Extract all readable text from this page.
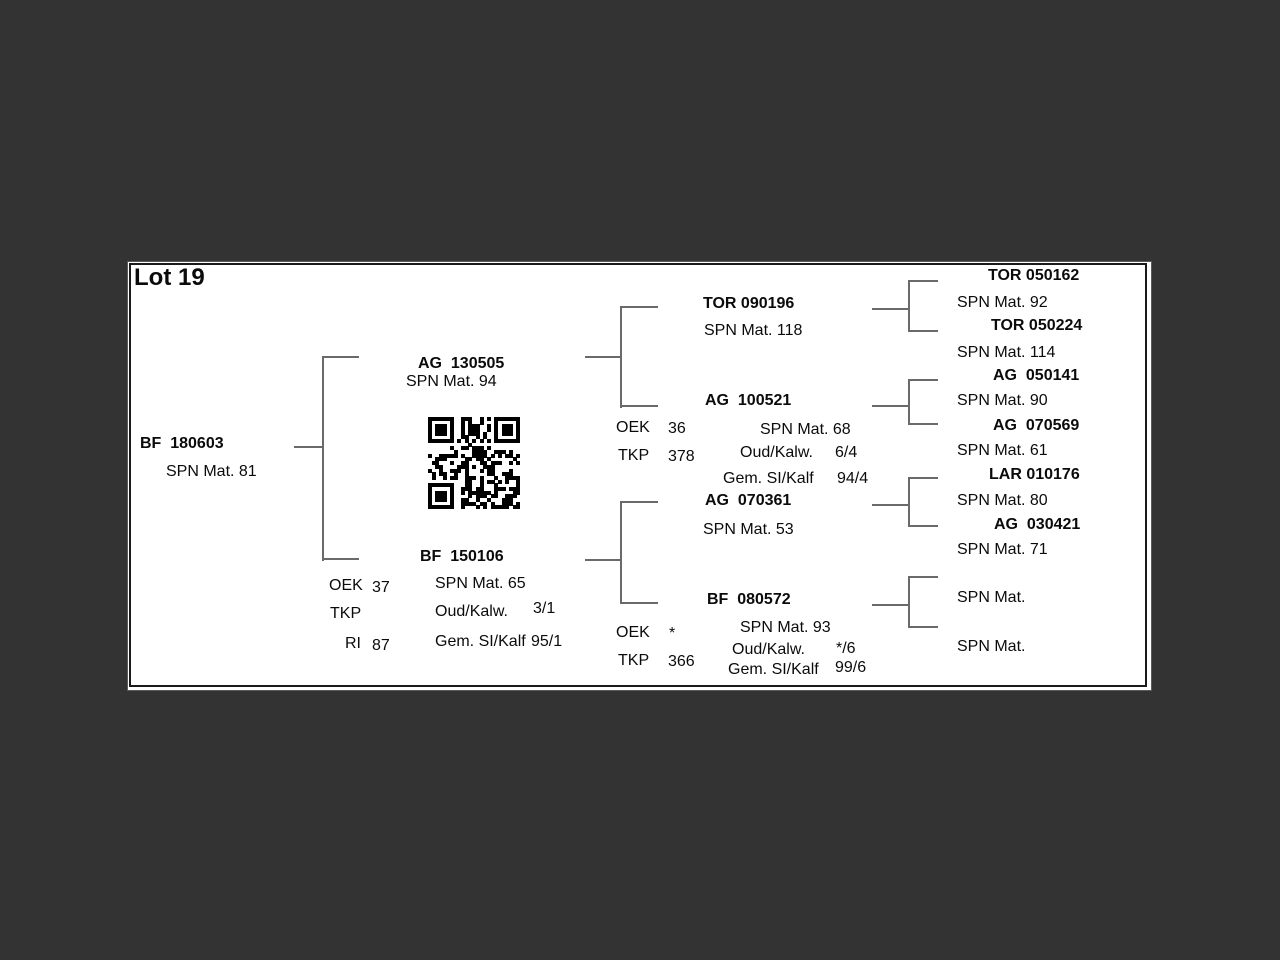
Lot 19
BF  180603
SPN Mat. 81
AG  130505
SPN Mat. 94
BF  150106
SPN Mat. 65
Oud/Kalw. 3/1
Gem. SI/Kalf 95/1
OEK 37
TKP
RI 87
TOR 090196
SPN Mat. 118
AG  100521
OEK 36
TKP 378
SPN Mat. 68
Oud/Kalw. 6/4
Gem. SI/Kalf 94/4
AG  070361
SPN Mat. 53
BF  080572
OEK *
TKP 366
SPN Mat. 93
Oud/Kalw. */6
Gem. SI/Kalf 99/6
TOR 050162
SPN Mat. 92
TOR 050224
SPN Mat. 114
AG  050141
SPN Mat. 90
AG  070569
SPN Mat. 61
LAR 010176
SPN Mat. 80
AG  030421
SPN Mat. 71
SPN Mat.
SPN Mat.
